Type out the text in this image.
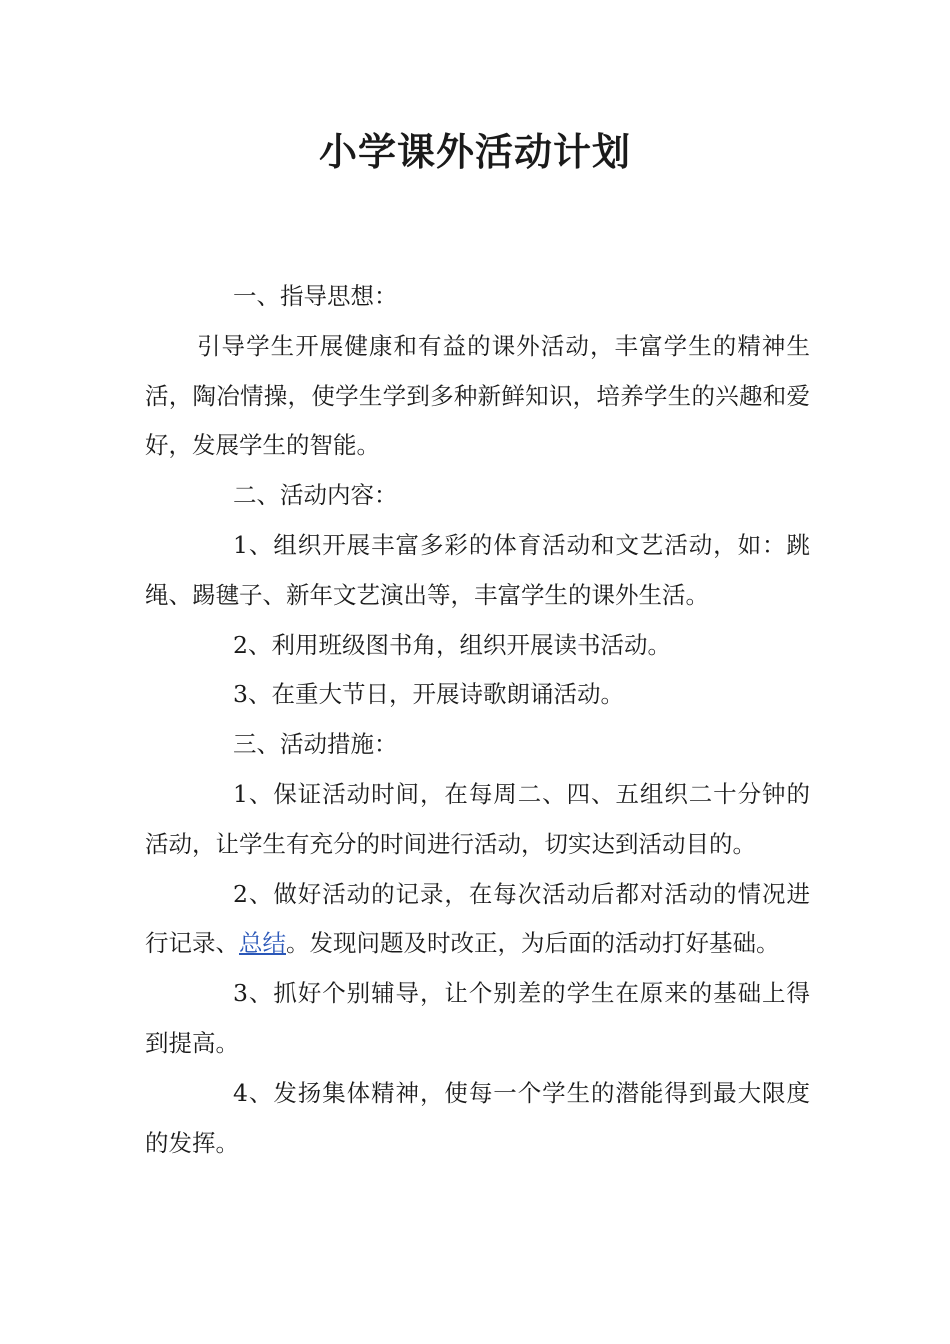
小学课外活动计划

一、指导思想：

引导学生开展健康和有益的课外活动，丰富学生的精神生活，陶冶情操，使学生学到多种新鲜知识，培养学生的兴趣和爱好，发展学生的智能。

二、活动内容：

1、组织开展丰富多彩的体育活动和文艺活动，如：跳绳、踢毽子、新年文艺演出等，丰富学生的课外生活。

2、利用班级图书角，组织开展读书活动。

3、在重大节日，开展诗歌朗诵活动。

三、活动措施：

1、保证活动时间，在每周二、四、五组织二十分钟的活动，让学生有充分的时间进行活动，切实达到活动目的。

2、做好活动的记录，在每次活动后都对活动的情况进行记录、总结。发现问题及时改正，为后面的活动打好基础。

3、抓好个别辅导，让个别差的学生在原来的基础上得到提高。

4、发扬集体精神，使每一个学生的潜能得到最大限度的发挥。
